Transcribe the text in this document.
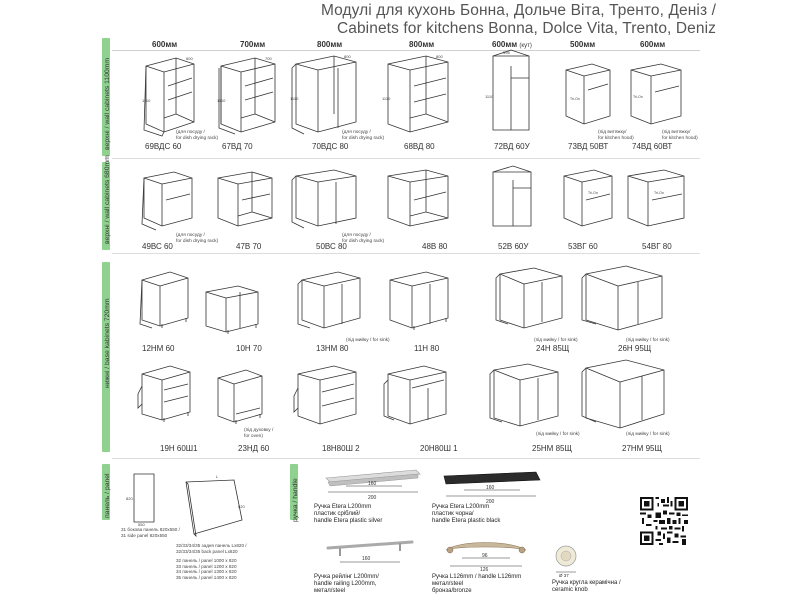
Модулі для кухонь Бонна, Дольче Віта, Тренто, Деніз /
Cabinets for kitchens Bonna, Dolce Vita, Trento, Deniz
600мм	700мм	800мм	800мм	600мм (кут)	500мм	600мм
верхні / wall cabinets 1100mm
верхні / wall cabinets 680mm
нижні / base kabinets 720mm
панель / panel	ручка / handle
600
1110
(для посуду /
for dish drying rack)
69ВДС 60
700
1110
67ВД 70
800
1110
(для посуду /
for dish drying rack)
70ВДС 80
800
1110
68ВД 80
598
1110
72ВД 60У
Tri-On
(під витяжку/
for kitchen hood)
73ВД 50ВТ
Tri-On
(під витяжку/
for kitchen hood)
74ВД 60ВТ
(для посуду /
for dish drying rack)
49ВС 60	47В 70
(для посуду /
for dish drying rack)
50ВС 80	48В 80	52В 60У
Tri-On
53ВГ 60
Tri-On
54ВГ 80
12НМ 60	10Н 70
(під мийку / for sink)
13НМ 80	11Н 80
(під мийку / for sink)
24Н 85Щ
(під мийку / for sink)
26Н 95Щ
19Н 60Ш1
(під духовку /
for oven)
23НД 60	18Н80Ш 2	20Н80Ш 1
(під мийку / for sink)
25НМ 85Щ
(під мийку / for sink)
27НМ 95Щ
820
550
31 бокова панель 820х550 /
31 side panel 820x550
L
820
32/33/34/35 задня панель Lx820 /
32/33/34/35 back panel Lx820
32 панель / panel 1000 x 820
33 панель / panel 1200 x 820
34 панель / panel 1300 x 820
35 панель / panel 1400 x 820
160
200
Ручка Etera L200mm
пластик сріблий/
handle Etera plastic silver
160
200
Ручка Etera L200mm
пластик чорна/
handle Etera plastic black
160
Ручка рейлінг L200mm/
handle railing L200mm,
метал/steel
96
126
Ручка L126mm / handle L126mm
метал/steel
бронза/bronze
Ø 37
Ручка кругла керамічна /
ceramic knob
